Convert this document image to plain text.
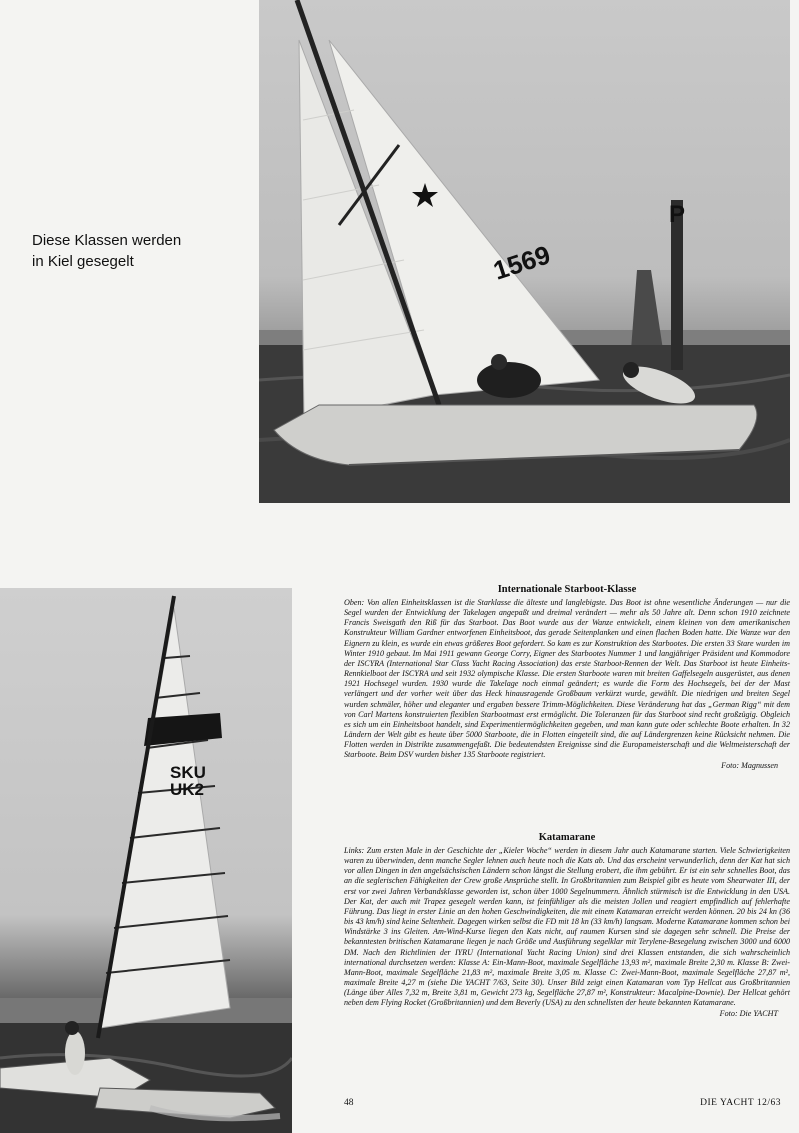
Diese Klassen werden
in Kiel gesegelt
P
1569
SKU
UK2
Internationale Starboot-Klasse

Oben: Von allen Einheitsklassen ist die Starklasse die älteste und langlebigste. Das Boot ist ohne wesentliche Änderungen — nur die Segel wurden der Entwicklung der Takelagen angepaßt und dreimal verändert — mehr als 50 Jahre alt. Denn schon 1910 zeichnete Francis Sweisgath den Riß für das Starboot. Das Boot wurde aus der Wanze entwickelt, einem kleinen von dem amerikanischen Konstrukteur William Gardner entworfenen Einheitsboot, das gerade Seitenplanken und einen flachen Boden hatte. Die Wanze war den Eignern zu klein, es wurde ein etwas größeres Boot gefordert. So kam es zur Konstruktion des Starbootes. Die ersten 33 Stare wurden im Winter 1910 gebaut. Im Mai 1911 gewann George Corry, Eigner des Starbootes Nummer 1 und langjähriger Präsident und Kommodore der ISCYRA (International Star Class Yacht Racing Association) das erste Starboot-Rennen der Welt. Das Starboot ist heute Einheits-Rennkielboot der ISCYRA und seit 1932 olympische Klasse. Die ersten Starboote waren mit breiten Gaffelsegeln ausgerüstet, aus denen 1921 Hochsegel wurden. 1930 wurde die Takelage noch einmal geändert; es wurde die Form des Hochsegels, bei der der Mast verlängert und der vorher weit über das Heck hinausragende Großbaum verkürzt wurde, gewählt. Die niedrigen und breiten Segel wurden schmäler, höher und eleganter und ergaben bessere Trimm-Möglichkeiten. Diese Veränderung hat das „German Rigg“ mit dem von Carl Martens konstruierten flexiblen Starbootmast erst ermöglicht. Die Toleranzen für das Starboot sind recht großzügig. Obgleich es sich um ein Einheitsboot handelt, sind Experimentiermöglichkeiten gegeben, und man kann gute oder schlechte Boote erhalten. In 32 Ländern der Welt gibt es heute über 5000 Starboote, die in Flotten eingeteilt sind, die auf Ländergrenzen keine Rücksicht nehmen. Die Flotten werden in Distrikte zusammengefaßt. Die bedeutendsten Ereignisse sind die Europameisterschaft und die Weltmeisterschaft der Starboote. Beim DSV wurden bisher 135 Starboote registriert.

Foto: Magnussen
Katamarane

Links: Zum ersten Male in der Geschichte der „Kieler Woche“ werden in diesem Jahr auch Katamarane starten. Viele Schwierigkeiten waren zu überwinden, denn manche Segler lehnen auch heute noch die Kats ab. Und das erscheint verwunderlich, denn der Kat hat sich vor allen Dingen in den angelsächsischen Ländern schon längst die Stellung erobert, die ihm gebührt. Er ist ein sehr schnelles Boot, das an die seglerischen Fähigkeiten der Crew große Ansprüche stellt. In Großbritannien zum Beispiel gibt es heute vom Shearwater III, der erst vor zwei Jahren Verbandsklasse geworden ist, schon über 1000 Segelnummern. Ähnlich stürmisch ist die Entwicklung in den USA. Der Kat, der auch mit Trapez gesegelt werden kann, ist feinfühliger als die meisten Jollen und reagiert empfindlich auf fehlerhafte Führung. Das liegt in erster Linie an den hohen Geschwindigkeiten, die mit einem Katamaran erreicht werden können. 20 bis 24 kn (36 bis 43 km/h) sind keine Seltenheit. Dagegen wirken selbst die FD mit 18 kn (33 km/h) langsam. Moderne Katamarane kommen schon bei Windstärke 3 ins Gleiten. Am-Wind-Kurse liegen den Kats nicht, auf raumen Kursen sind sie dagegen sehr schnell. Die Preise der bekanntesten britischen Katamarane liegen je nach Größe und Ausführung segelklar mit Terylene-Besegelung zwischen 3000 und 6000 DM. Nach den Richtlinien der IYRU (International Yacht Racing Union) sind drei Klassen entstanden, die sich wahrscheinlich international durchsetzen werden: Klasse A: Ein-Mann-Boot, maximale Segelfläche 13,93 m², maximale Breite 2,30 m. Klasse B: Zwei-Mann-Boot, maximale Segelfläche 21,83 m², maximale Breite 3,05 m. Klasse C: Zwei-Mann-Boot, maximale Segelfläche 27,87 m², maximale Breite 4,27 m (siehe Die YACHT 7/63, Seite 30). Unser Bild zeigt einen Katamaran vom Typ Hellcat aus Großbritannien (Länge über Alles 7,32 m, Breite 3,81 m, Gewicht 273 kg, Segelfläche 27,87 m², Konstrukteur: Macalpine-Downie). Der Hellcat gehört neben dem Flying Rocket (Großbritannien) und dem Beverly (USA) zu den schnellsten der heute bekannten Katamarane.

Foto: Die YACHT
48	DIE YACHT 12/63
